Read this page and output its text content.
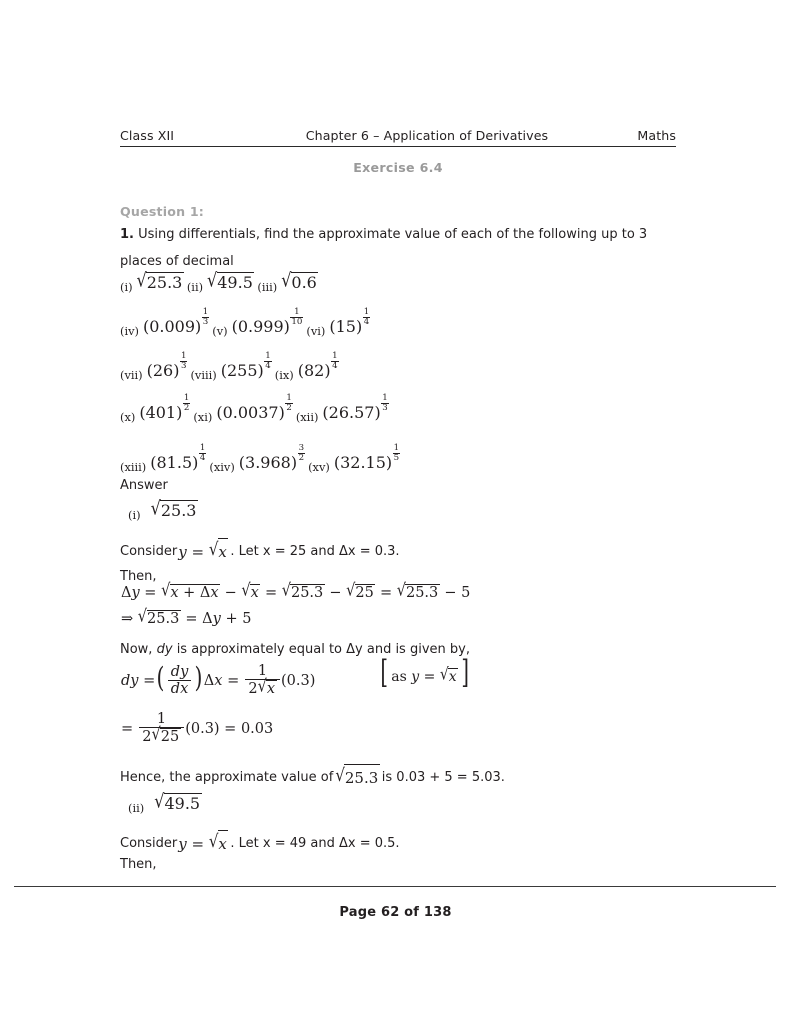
Class XII	Chapter 6 – Application of Derivatives	Maths
Exercise 6.4
Question 1:
1. Using differentials, find the approximate value of each of the following up to 3 places of decimal
(i) √25.3 (ii) √49.5 (iii) √0.6
(iv) $(0.009) \frac{1}{3}$
(v) $(0.999) \frac{1}{10}$
(vi) $(15) \frac{1}{4}$
(vii) $(26) \frac{1}{3}$
(viii) $(255) \frac{1}{4}$
(ix) $(82) \frac{1}{4}$
(x) $(401) \frac{1}{2}$
(xi) $(0.0037) \frac{1}{2}$
(xii) $(26.57) \frac{1}{3}$
(xiii) $(81.5) \frac{1}{4}$
(xiv) $(3.968) \frac{3}{2}$
(xv) $(32.15) \frac{1}{5}$
Answer
(i) √25.3
Considery = √x . Let x = 25 and Δx = 0.3.
Then,
Δy = √x + Δx − √x = √25.3 − √25 = √25.3 − 5
⇒ √25.3 = Δy + 5
Now, dy is approximately equal to Δy and is given by,
dy =( $\frac{dy}{dx}$ ) $\Delta x = \frac{1}{2√x} (0.3)$ [ as y = √x ]
= $\frac{1}{2√25} (0.3) = 0.03$
Hence, the approximate value of √25.3 is 0.03 + 5 = 5.03.
(ii) √49.5
Considery = √x . Let x = 49 and Δx = 0.5.
Then,
Page 62 of 138
